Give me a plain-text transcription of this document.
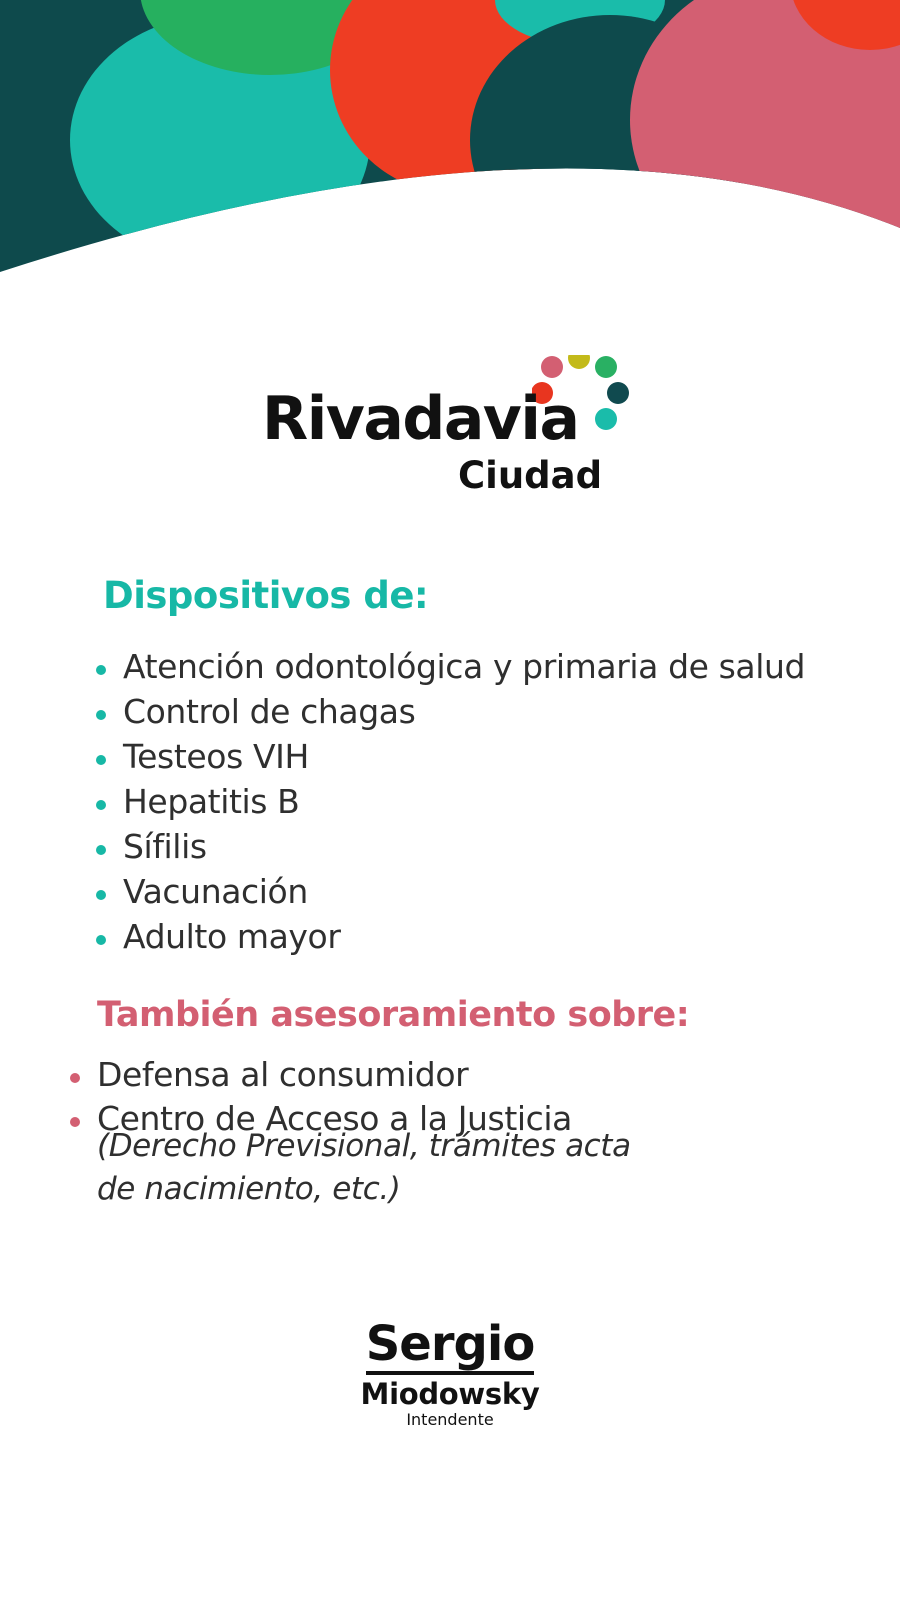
Rivadavia
Ciudad
Dispositivos de:
Atención odontológica y primaria de salud
Control de chagas
Testeos VIH
Hepatitis B
Sífilis
Vacunación
Adulto mayor
También asesoramiento sobre:
Defensa al consumidor
Centro de Acceso a la Justicia
(Derecho Previsional, trámites acta
de nacimiento, etc.)
Sergio
Miodowsky
Intendente
